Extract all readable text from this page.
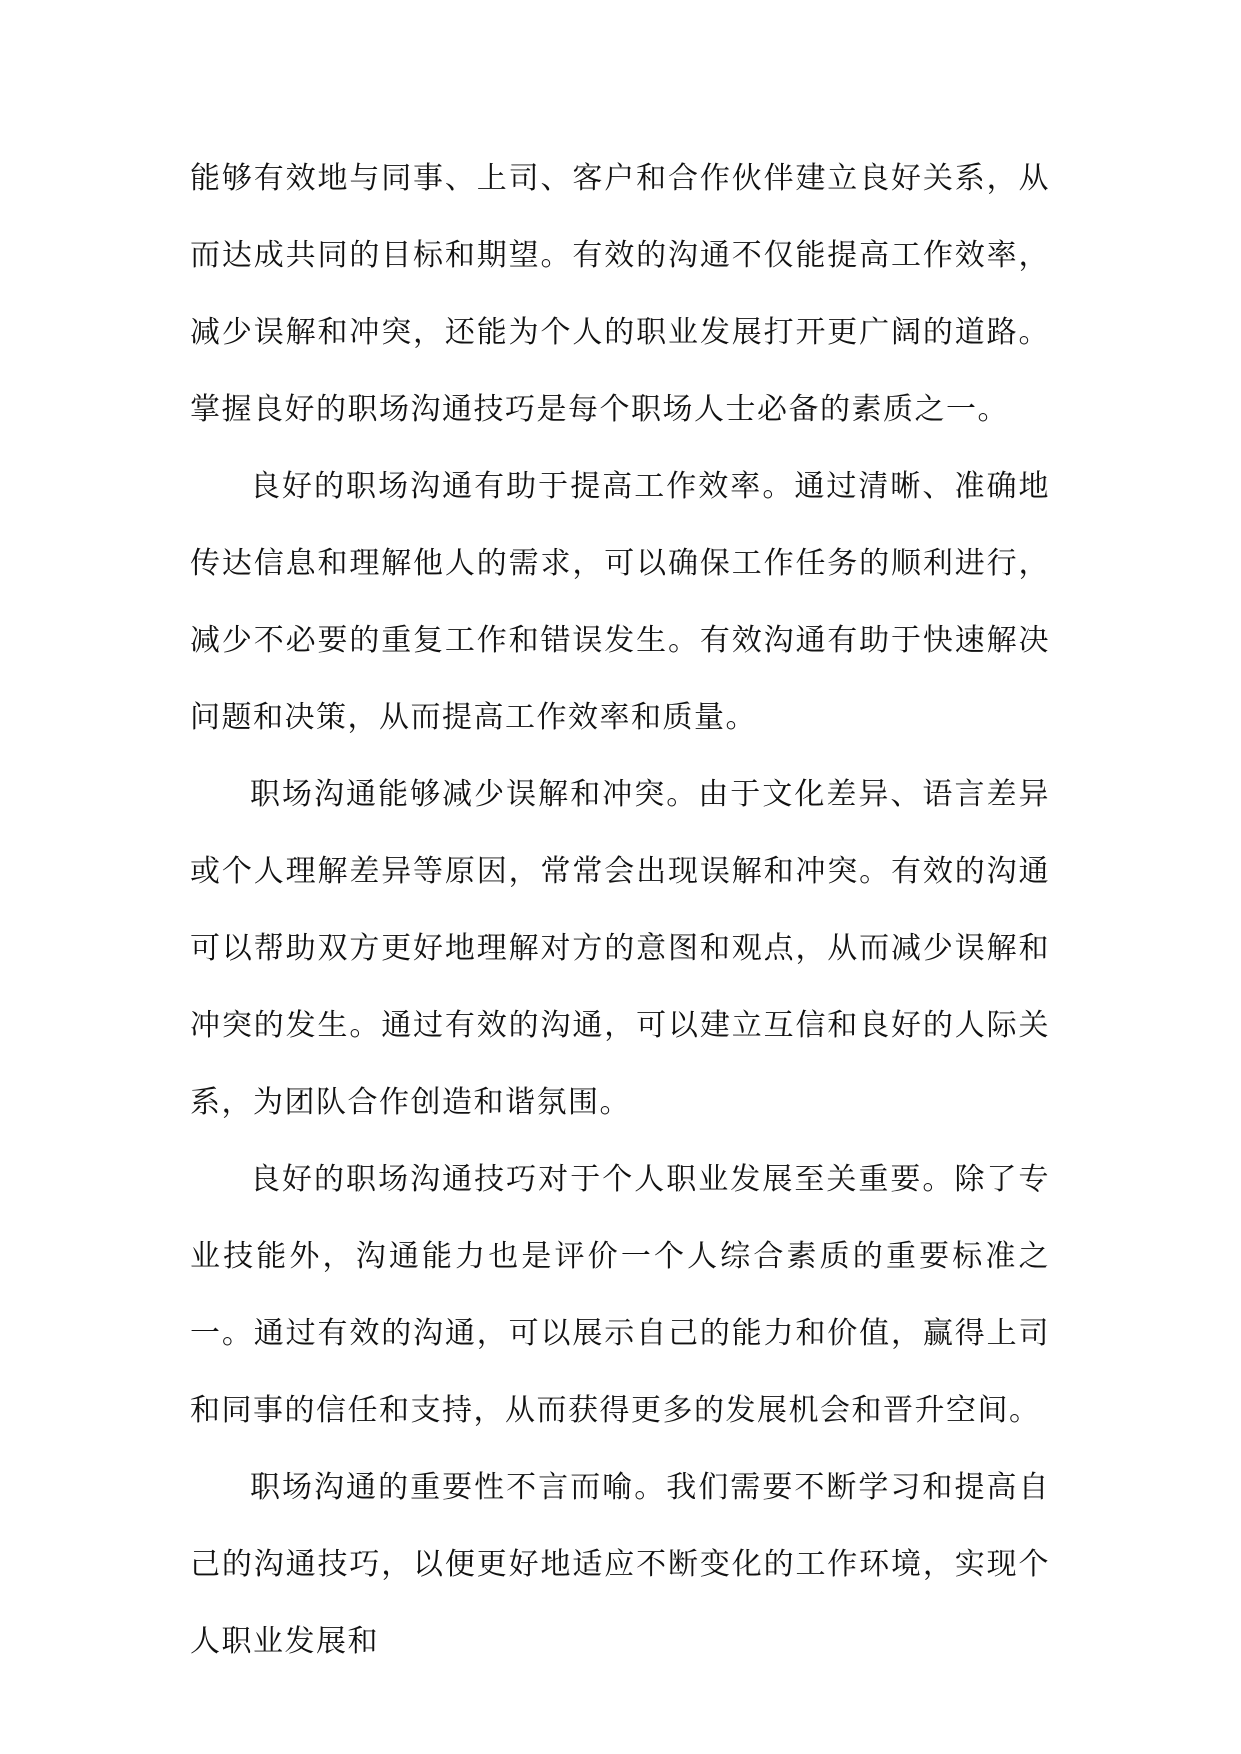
能够有效地与同事、上司、客户和合作伙伴建立良好关系，从而达成共同的目标和期望。有效的沟通不仅能提高工作效率，减少误解和冲突，还能为个人的职业发展打开更广阔的道路。掌握良好的职场沟通技巧是每个职场人士必备的素质之一。

良好的职场沟通有助于提高工作效率。通过清晰、准确地传达信息和理解他人的需求，可以确保工作任务的顺利进行，减少不必要的重复工作和错误发生。有效沟通有助于快速解决问题和决策，从而提高工作效率和质量。

职场沟通能够减少误解和冲突。由于文化差异、语言差异或个人理解差异等原因，常常会出现误解和冲突。有效的沟通可以帮助双方更好地理解对方的意图和观点，从而减少误解和冲突的发生。通过有效的沟通，可以建立互信和良好的人际关系，为团队合作创造和谐氛围。

良好的职场沟通技巧对于个人职业发展至关重要。除了专业技能外，沟通能力也是评价一个人综合素质的重要标准之一。通过有效的沟通，可以展示自己的能力和价值，赢得上司和同事的信任和支持，从而获得更多的发展机会和晋升空间。

职场沟通的重要性不言而喻。我们需要不断学习和提高自己的沟通技巧，以便更好地适应不断变化的工作环境，实现个人职业发展和
